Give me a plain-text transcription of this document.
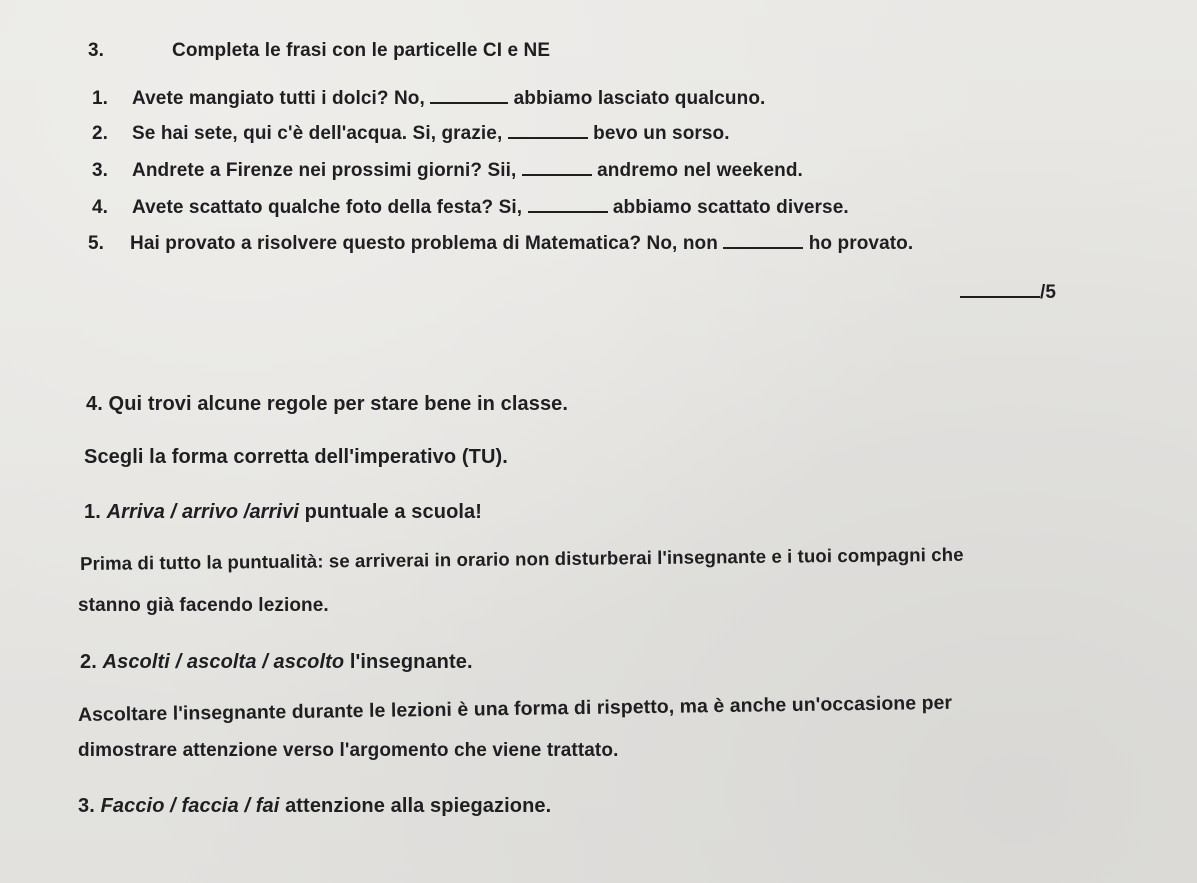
3.	Completa le frasi con le particelle CI e NE
1. Avete mangiato tutti i dolci? No,	abbiamo lasciato qualcuno.
2. Se hai sete, qui c'è dell'acqua. Si, grazie,	bevo un sorso.
3. Andrete a Firenze nei prossimi giorni? Sii,	andremo nel weekend.
4. Avete scattato qualche foto della festa? Si,	abbiamo scattato diverse.
5. Hai provato a risolvere questo problema di Matematica? No, non	ho provato.
/5
4. Qui trovi alcune regole per stare bene in classe.
Scegli la forma corretta dell'imperativo (TU).
1. Arriva / arrivo /arrivi puntuale a scuola!
Prima di tutto la puntualità: se arriverai in orario non disturberai l'insegnante e i tuoi compagni che
stanno già facendo lezione.
2. Ascolti / ascolta / ascolto l'insegnante.
Ascoltare l'insegnante durante le lezioni è una forma di rispetto, ma è anche un'occasione per
dimostrare attenzione verso l'argomento che viene trattato.
3. Faccio / faccia / fai attenzione alla spiegazione.
